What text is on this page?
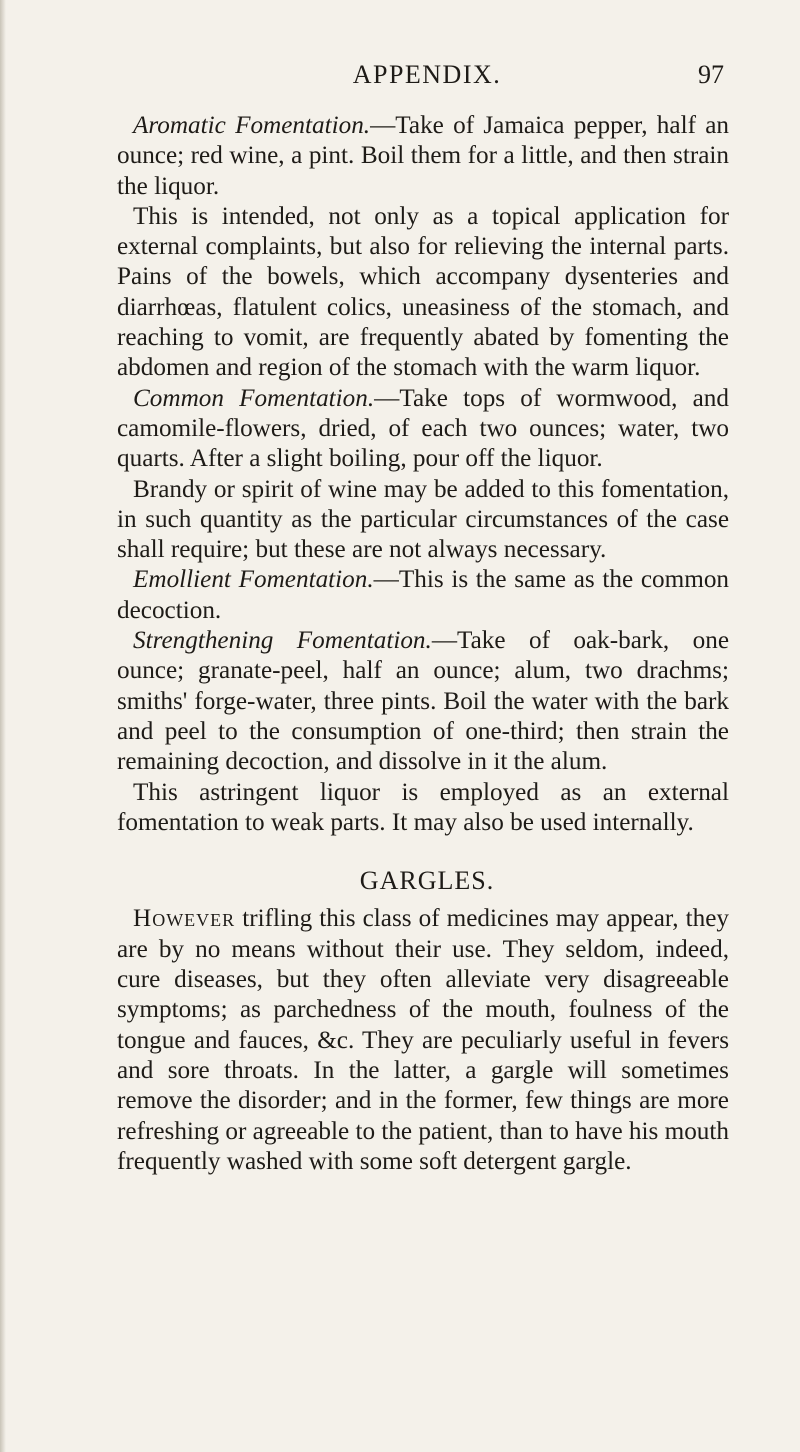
APPENDIX.	97

Aromatic Fomentation.—Take of Jamaica pepper, half an ounce; red wine, a pint. Boil them for a little, and then strain the liquor.

This is intended, not only as a topical application for external complaints, but also for relieving the internal parts. Pains of the bowels, which accompany dysenteries and diarrhœas, flatulent colics, uneasiness of the stomach, and reaching to vomit, are frequently abated by fomenting the abdomen and region of the stomach with the warm liquor.

Common Fomentation.—Take tops of wormwood, and camomile-flowers, dried, of each two ounces; water, two quarts. After a slight boiling, pour off the liquor.

Brandy or spirit of wine may be added to this fomentation, in such quantity as the particular circumstances of the case shall require; but these are not always necessary.

Emollient Fomentation.—This is the same as the common decoction.

Strengthening Fomentation.—Take of oak-bark, one ounce; granate-peel, half an ounce; alum, two drachms; smiths' forge-water, three pints. Boil the water with the bark and peel to the consumption of one-third; then strain the remaining decoction, and dissolve in it the alum.

This astringent liquor is employed as an external fomentation to weak parts. It may also be used internally.

GARGLES.

However trifling this class of medicines may appear, they are by no means without their use. They seldom, indeed, cure diseases, but they often alleviate very disagreeable symptoms; as parchedness of the mouth, foulness of the tongue and fauces, &c. They are peculiarly useful in fevers and sore throats. In the latter, a gargle will sometimes remove the disorder; and in the former, few things are more refreshing or agreeable to the patient, than to have his mouth frequently washed with some soft detergent gargle.
